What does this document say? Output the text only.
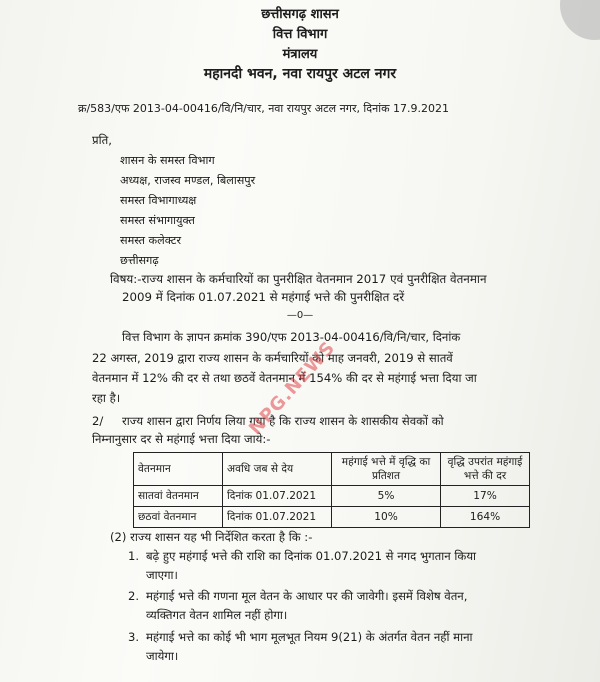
छत्तीसगढ़ शासन
वित्त विभाग
मंत्रालय
महानदी भवन, नवा रायपुर अटल नगर
क्र/583/एफ 2013-04-00416/वि/नि/चार, नवा रायपुर अटल नगर, दिनांक 17.9.2021
प्रति,
शासन के समस्त विभाग
अध्यक्ष, राजस्व मण्डल, बिलासपुर
समस्त विभागाध्यक्ष
समस्त संभागायुक्त
समस्त कलेक्टर
छत्तीसगढ़
विषय:-राज्य शासन के कर्मचारियों का पुनरीक्षित वेतनमान 2017 एवं पुनरीक्षित वेतनमान
2009 में दिनांक 01.07.2021 से महंगाई भत्ते की पुनरीक्षित दरें
—0—
वित्त विभाग के ज्ञापन क्रमांक 390/एफ 2013-04-00416/वि/नि/चार, दिनांक
22 अगस्त, 2019 द्वारा राज्य शासन के कर्मचारियों को माह जनवरी, 2019 से सातवें
वेतनमान में 12% की दर से तथा छठवें वेतनमान में 154% की दर से महंगाई भत्ता दिया जा
रहा है।
2/ राज्य शासन द्वारा निर्णय लिया गया है कि राज्य शासन के शासकीय सेवकों को
निम्नानुसार दर से महंगाई भत्ता दिया जाये:-
वेतनमान	अवधि जब से देय	महंगाई भत्ते में वृद्धि का प्रतिशत	वृद्धि उपरांत महंगाई भत्ते की दर
सातवां वेतनमान	दिनांक 01.07.2021	5%	17%
छठवां वेतनमान	दिनांक 01.07.2021	10%	164%
(2) राज्य शासन यह भी निर्देशित करता है कि :-
1. बढ़े हुए महंगाई भत्ते की राशि का दिनांक 01.07.2021 से नगद भुगतान किया
जाएगा।
2. महंगाई भत्ते की गणना मूल वेतन के आधार पर की जावेगी। इसमें विशेष वेतन,
व्यक्तिगत वेतन शामिल नहीं होगा।
3. महंगाई भत्ते का कोई भी भाग मूलभूत नियम 9(21) के अंतर्गत वेतन नहीं माना
जायेगा।
NPG.NEWS
